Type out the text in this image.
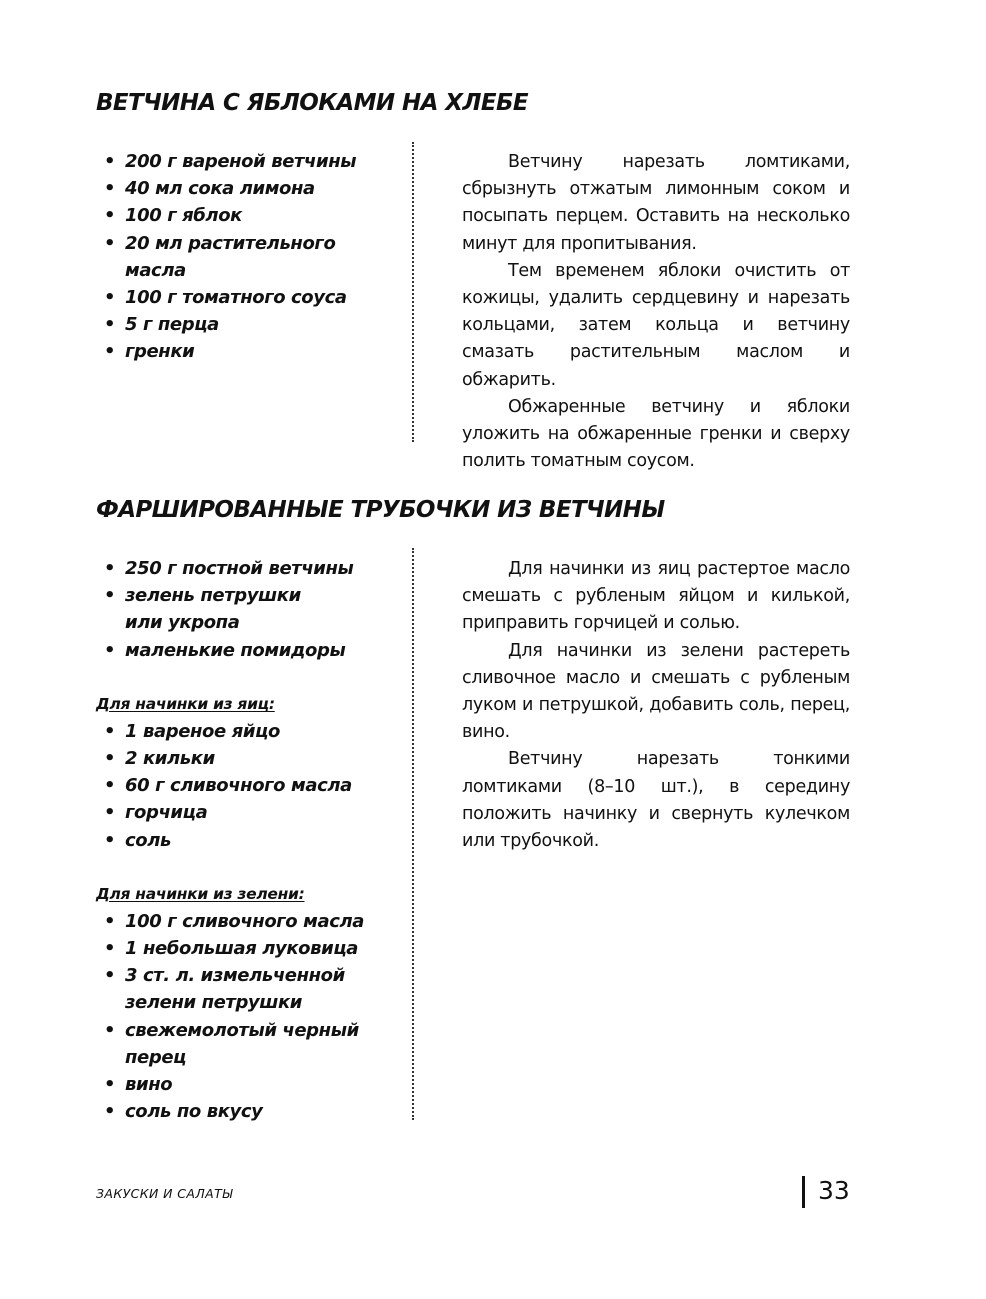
ВЕТЧИНА С ЯБЛОКАМИ НА ХЛЕБЕ
• 200 г вареной ветчины
• 40 мл сока лимона
• 100 г яблок
• 20 мл растительного масла
• 100 г томатного соуса
• 5 г перца
• гренки

Ветчину нарезать ломтиками, сбрызнуть отжатым лимонным соком и посыпать перцем. Оставить на несколько минут для пропитывания.

Тем временем яблоки очистить от кожицы, удалить сердцевину и нарезать кольцами, затем кольца и ветчину смазать растительным маслом и обжарить.

Обжаренные ветчину и яблоки уложить на обжаренные гренки и сверху полить томатным соусом.

ФАРШИРОВАННЫЕ ТРУБОЧКИ ИЗ ВЕТЧИНЫ
• 250 г постной ветчины
• зелень петрушки или укропа
• маленькие помидоры
Для начинки из яиц:
• 1 вареное яйцо
• 2 кильки
• 60 г сливочного масла
• горчица
• соль
Для начинки из зелени:
• 100 г сливочного масла
• 1 небольшая луковица
• 3 ст. л. измельченной зелени петрушки
• свежемолотый черный перец
• вино
• соль по вкусу

Для начинки из яиц растертое масло смешать с рубленым яйцом и килькой, приправить горчицей и солью.

Для начинки из зелени растереть сливочное масло и смешать с рубленым луком и петрушкой, добавить соль, перец, вино.

Ветчину нарезать тонкими ломтиками (8–10 шт.), в середину положить начинку и свернуть кулечком или трубочкой.

ЗАКУСКИ И САЛАТЫ	33
